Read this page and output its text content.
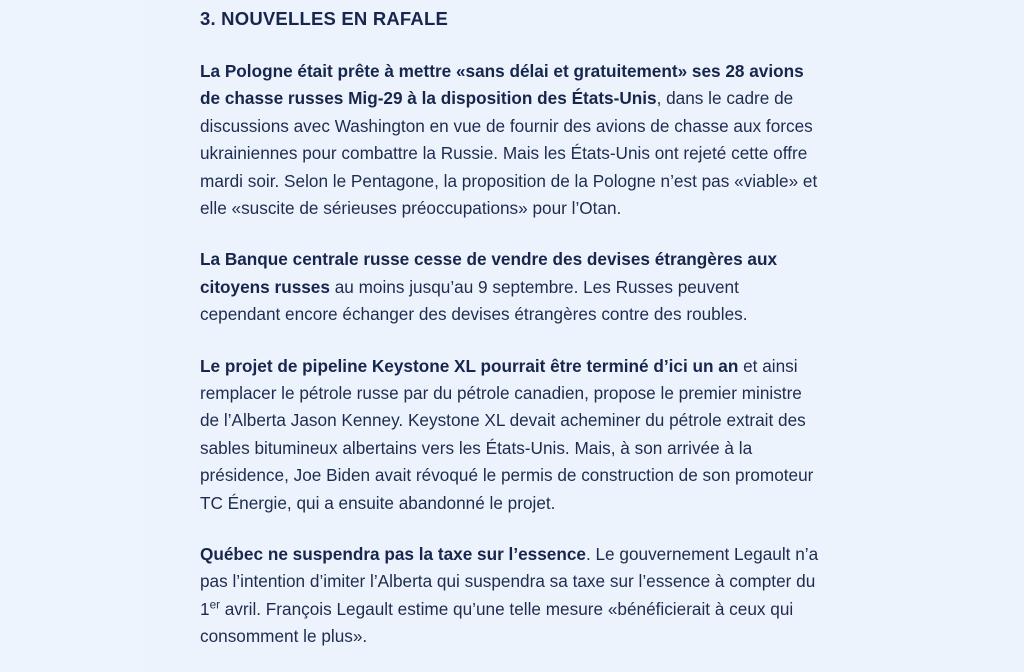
3. NOUVELLES EN RAFALE

La Pologne était prête à mettre «sans délai et gratuitement» ses 28 avions de chasse russes Mig-29 à la disposition des États-Unis, dans le cadre de discussions avec Washington en vue de fournir des avions de chasse aux forces ukrainiennes pour combattre la Russie. Mais les États-Unis ont rejeté cette offre mardi soir. Selon le Pentagone, la proposition de la Pologne n’est pas «viable» et elle «suscite de sérieuses préoccupations» pour l’Otan.

La Banque centrale russe cesse de vendre des devises étrangères aux citoyens russes au moins jusqu’au 9 septembre. Les Russes peuvent cependant encore échanger des devises étrangères contre des roubles.

Le projet de pipeline Keystone XL pourrait être terminé d’ici un an et ainsi remplacer le pétrole russe par du pétrole canadien, propose le premier ministre de l’Alberta Jason Kenney. Keystone XL devait acheminer du pétrole extrait des sables bitumineux albertains vers les États-Unis. Mais, à son arrivée à la présidence, Joe Biden avait révoqué le permis de construction de son promoteur TC Énergie, qui a ensuite abandonné le projet.

Québec ne suspendra pas la taxe sur l’essence. Le gouvernement Legault n’a pas l’intention d’imiter l’Alberta qui suspendra sa taxe sur l’essence à compter du 1er avril. François Legault estime qu’une telle mesure «bénéficierait à ceux qui consomment le plus».
